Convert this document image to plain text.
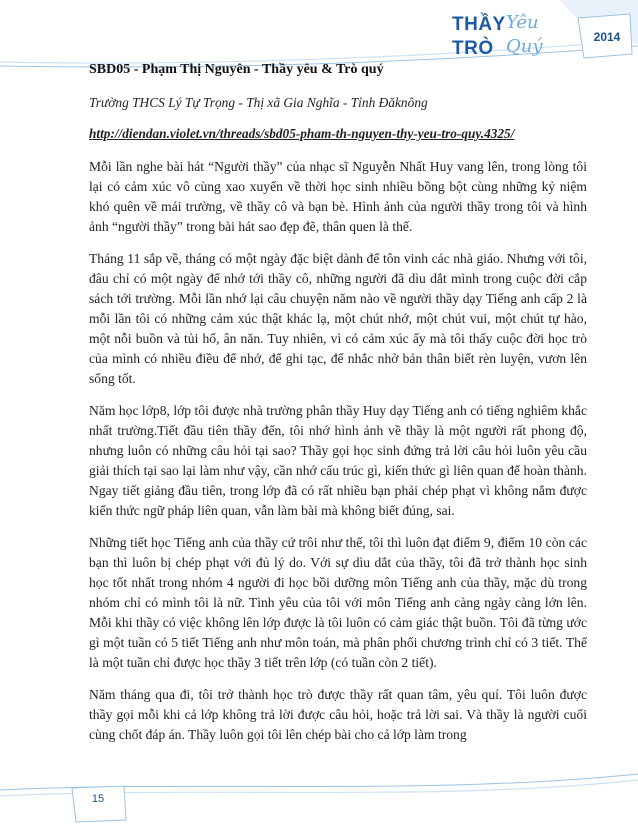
THẦY Yêu
TRÒ Quý	2014

SBD05 - Phạm Thị Nguyên - Thầy yêu & Trò quý

Trường THCS Lý Tự Trọng - Thị xã Gia Nghĩa - Tỉnh Đăknông

http://diendan.violet.vn/threads/sbd05-pham-th-nguyen-thy-yeu-tro-quy.4325/

Mỗi lần nghe bài hát “Người thầy” của nhạc sĩ Nguyễn Nhất Huy vang lên, trong lòng tôi lại có cảm xúc vô cùng xao xuyến về thời học sinh nhiều bồng bột cùng những kỷ niệm khó quên về mái trường, về thầy cô và bạn bè. Hình ảnh của người thầy trong tôi và hình ảnh “người thầy” trong bài hát sao đẹp đẽ, thân quen là thế.

Tháng 11 sắp về, tháng có một ngày đặc biệt dành để tôn vinh các nhà giáo. Nhưng với tôi, đâu chỉ có một ngày để nhớ tới thầy cô, những người đã dìu dắt mình trong cuộc đời cắp sách tới trường. Mỗi lần nhớ lại câu chuyện năm nào về người thầy dạy Tiếng anh cấp 2 là mỗi lần tôi có những cảm xúc thật khác lạ, một chút nhớ, một chút vui, một chút tự hào, một nỗi buồn và tủi hổ, ân năn. Tuy nhiên, vì có cảm xúc ấy mà tôi thấy cuộc đời học trò của mình có nhiều điều để nhớ, để ghi tạc, để nhắc nhở bản thân biết rèn luyện, vươn lên sống tốt.

Năm học lớp8, lớp tôi được nhà trường phân thầy Huy dạy Tiếng anh có tiếng nghiêm khắc nhất trường.Tiết đầu tiên thầy đến, tôi nhớ hình ảnh về thầy là một người rất phong độ, nhưng luôn có những câu hỏi tại sao? Thầy gọi học sinh đứng trả lời câu hỏi luôn yêu cầu giải thích tại sao lại làm như vậy, cần nhớ cấu trúc gì, kiến thức gì liên quan để hoàn thành. Ngay tiết giảng đầu tiên, trong lớp đã có rất nhiều bạn phải chép phạt vì không nắm được kiến thức ngữ pháp liên quan, vẫn làm bài mà không biết đúng, sai.

Những tiết học Tiếng anh của thầy cứ trôi như thế, tôi thì luôn đạt điểm 9, điểm 10 còn các bạn thì luôn bị chép phạt với đủ lý do. Với sự dìu dắt của thầy, tôi đã trở thành học sinh học tốt nhất trong nhóm 4 người đi học bồi dưỡng môn Tiếng anh của thầy, mặc dù trong nhóm chỉ có mình tôi là nữ. Tình yêu của tôi với môn Tiếng anh càng ngày càng lớn lên. Mỗi khi thầy có việc không lên lớp được là tôi luôn có cảm giác thật buồn. Tôi đã từng ước gì một tuần có 5 tiết Tiếng anh như môn toán, mà phân phối chương trình chỉ có 3 tiết. Thế là một tuần chỉ được học thầy 3 tiết trên lớp (có tuần còn 2 tiết).

Năm tháng qua đi, tôi trở thành học trò được thầy rất quan tâm, yêu quí. Tôi luôn được thầy gọi mỗi khi cả lớp không trả lời được câu hỏi, hoặc trả lời sai. Và thầy là người cuối cùng chốt đáp án. Thầy luôn gọi tôi lên chép bài cho cả lớp làm trong

15
